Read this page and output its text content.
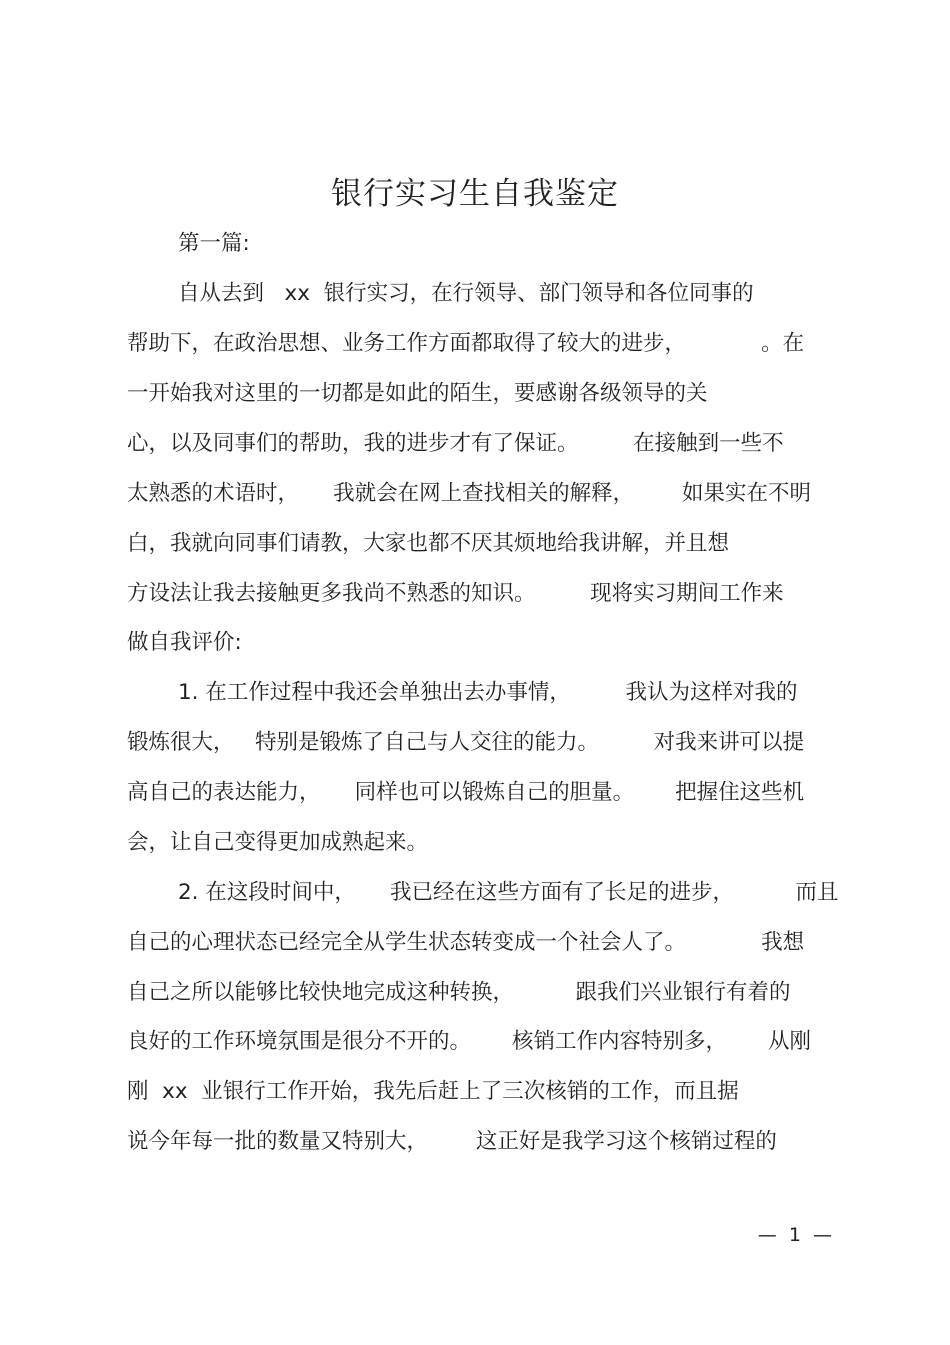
银行实习生自我鉴定
第一篇:
自从去到   xx  银行实习，在行领导、部门领导和各位同事的
帮助下，在政治思想、业务工作方面都取得了较大的进步，           。在
一开始我对这里的一切都是如此的陌生，要感谢各级领导的关
心，以及同事们的帮助，我的进步才有了保证。        在接触到一些不
太熟悉的术语时，     我就会在网上查找相关的解释，       如果实在不明
白，我就向同事们请教，大家也都不厌其烦地给我讲解，并且想
方设法让我去接触更多我尚不熟悉的知识。        现将实习期间工作来
做自我评价:
1. 在工作过程中我还会单独出去办事情，        我认为这样对我的
锻炼很大，   特别是锻炼了自己与人交往的能力。        对我来讲可以提
高自己的表达能力，     同样也可以锻炼自己的胆量。      把握住这些机
会，让自己变得更加成熟起来。
2. 在这段时间中，     我已经在这些方面有了长足的进步，         而且
自己的心理状态已经完全从学生状态转变成一个社会人了。           我想
自己之所以能够比较快地完成这种转换，         跟我们兴业银行有着的
良好的工作环境氛围是很分不开的。      核销工作内容特别多，      从刚
刚  xx  业银行工作开始，我先后赶上了三次核销的工作，而且据
说今年每一批的数量又特别大，       这正好是我学习这个核销过程的
—  1  —
